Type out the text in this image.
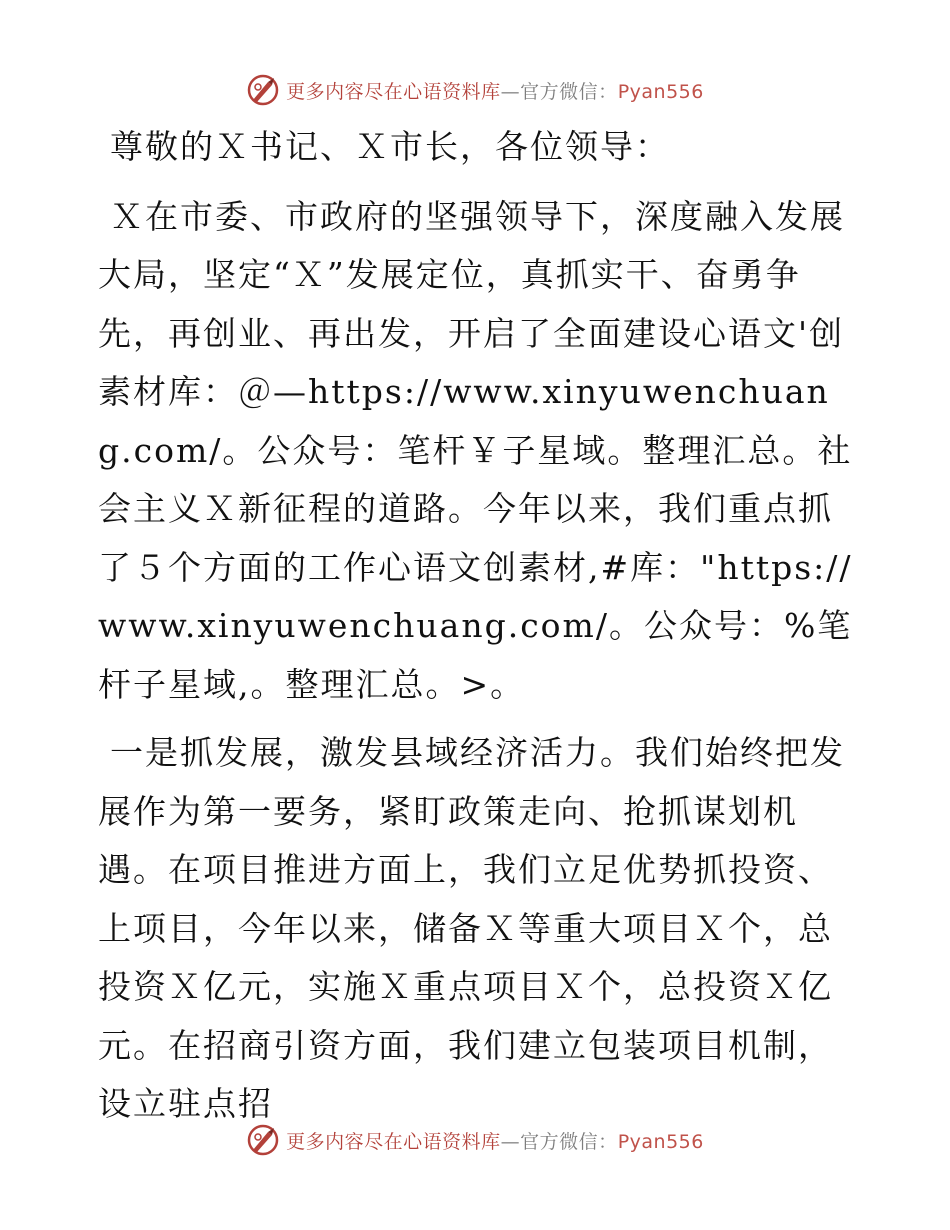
更多内容尽在心语资料库—官方微信：Pyan556

尊敬的Ｘ书记、Ｘ市长，各位领导：

Ｘ在市委、市政府的坚强领导下，深度融入发展大局，坚定“Ｘ”发展定位，真抓实干、奋勇争先，再创业、再出发，开启了全面建设心语文'创素材库：＠—https://www.xinyuwenchuang.com/。公众号：笔杆￥子星域。整理汇总。社会主义Ｘ新征程的道路。今年以来，我们重点抓了５个方面的工作心语文创素材,#库："https://
www.xinyuwenchuang.com/。公众号：%笔杆子星域,。整理汇总。>。

一是抓发展，激发县域经济活力。我们始终把发展作为第一要务，紧盯政策走向、抢抓谋划机遇。在项目推进方面上，我们立足优势抓投资、上项目，今年以来，储备Ｘ等重大项目Ｘ个，总投资Ｘ亿元，实施Ｘ重点项目Ｘ个，总投资Ｘ亿元。在招商引资方面，我们建立包装项目机制，设立驻点招

更多内容尽在心语资料库—官方微信：Pyan556
